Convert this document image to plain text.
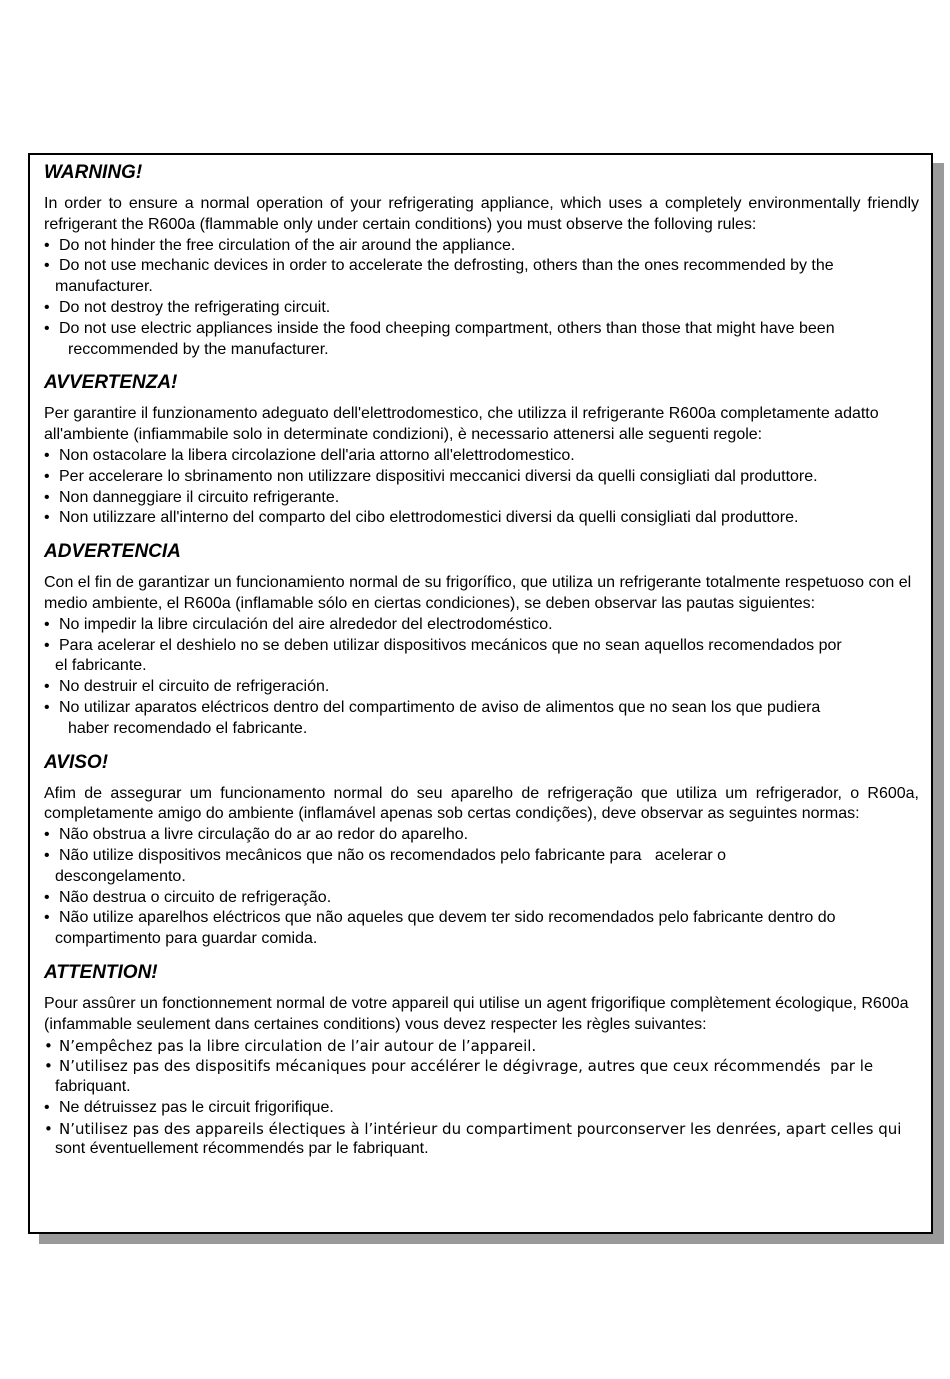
WARNING!

In order to ensure a normal operation of your refrigerating appliance, which uses a completely environmentally friendly refrigerant the R600a (flammable only under certain conditions) you must observe the folloving rules:

• Do not hinder the free circulation of the air around the appliance.
• Do not use mechanic devices in order to accelerate the defrosting, others than the ones recommended by the
manufacturer.
• Do not destroy the refrigerating circuit.
• Do not use electric appliances inside the food cheeping compartment, others than those that might have been
reccommended by the manufacturer.
AVVERTENZA!

Per garantire il funzionamento adeguato dell'elettrodomestico, che utilizza il refrigerante R600a completamente adatto all'ambiente (infiammabile solo in determinate condizioni), è necessario attenersi alle seguenti regole:

• Non ostacolare la libera circolazione dell'aria attorno all'elettrodomestico.
• Per accelerare lo sbrinamento non utilizzare dispositivi meccanici diversi da quelli consigliati dal produttore.
• Non danneggiare il circuito refrigerante.
• Non utilizzare all'interno del comparto del cibo elettrodomestici diversi da quelli consigliati dal produttore.
ADVERTENCIA

Con el fin de garantizar un funcionamiento normal de su frigorífico, que utiliza un refrigerante totalmente respetuoso con el medio ambiente, el R600a (inflamable sólo en ciertas condiciones), se deben observar las pautas siguientes:

• No impedir la libre circulación del aire alrededor del electrodoméstico.
• Para acelerar el deshielo no se deben utilizar dispositivos mecánicos que no sean aquellos recomendados por
el fabricante.
• No destruir el circuito de refrigeración.
• No utilizar aparatos eléctricos dentro del compartimento de aviso de alimentos que no sean los que pudiera
haber recomendado el fabricante.
AVISO!

Afim de assegurar um funcionamento normal do seu aparelho de refrigeração que utiliza um refrigerador, o R600a, completamente amigo do ambiente (inflamável apenas sob certas condições), deve observar as seguintes normas:

• Não obstrua a livre circulação do ar ao redor do aparelho.
• Não utilize dispositivos mecânicos que não os recomendados pelo fabricante para   acelerar o
descongelamento.
• Não destrua o circuito de refrigeração.
• Não utilize aparelhos eléctricos que não aqueles que devem ter sido recomendados pelo fabricante dentro do
compartimento para guardar comida.
ATTENTION!

Pour assûrer un fonctionnement normal de votre appareil qui utilise un agent frigorifique complètement écologique, R600a (infammable seulement dans certaines conditions) vous devez respecter les règles suivantes:

• N’empêchez pas la libre circulation de l’air autour de l’appareil.
• N’utilisez pas des dispositifs mécaniques pour accélérer le dégivrage, autres que ceux récommendés  par le
fabriquant.
• Ne détruissez pas le circuit frigorifique.
• N’utilisez pas des appareils électiques à l’intérieur du compartiment pourconserver les denrées, apart celles qui
sont éventuellement récommendés par le fabriquant.
